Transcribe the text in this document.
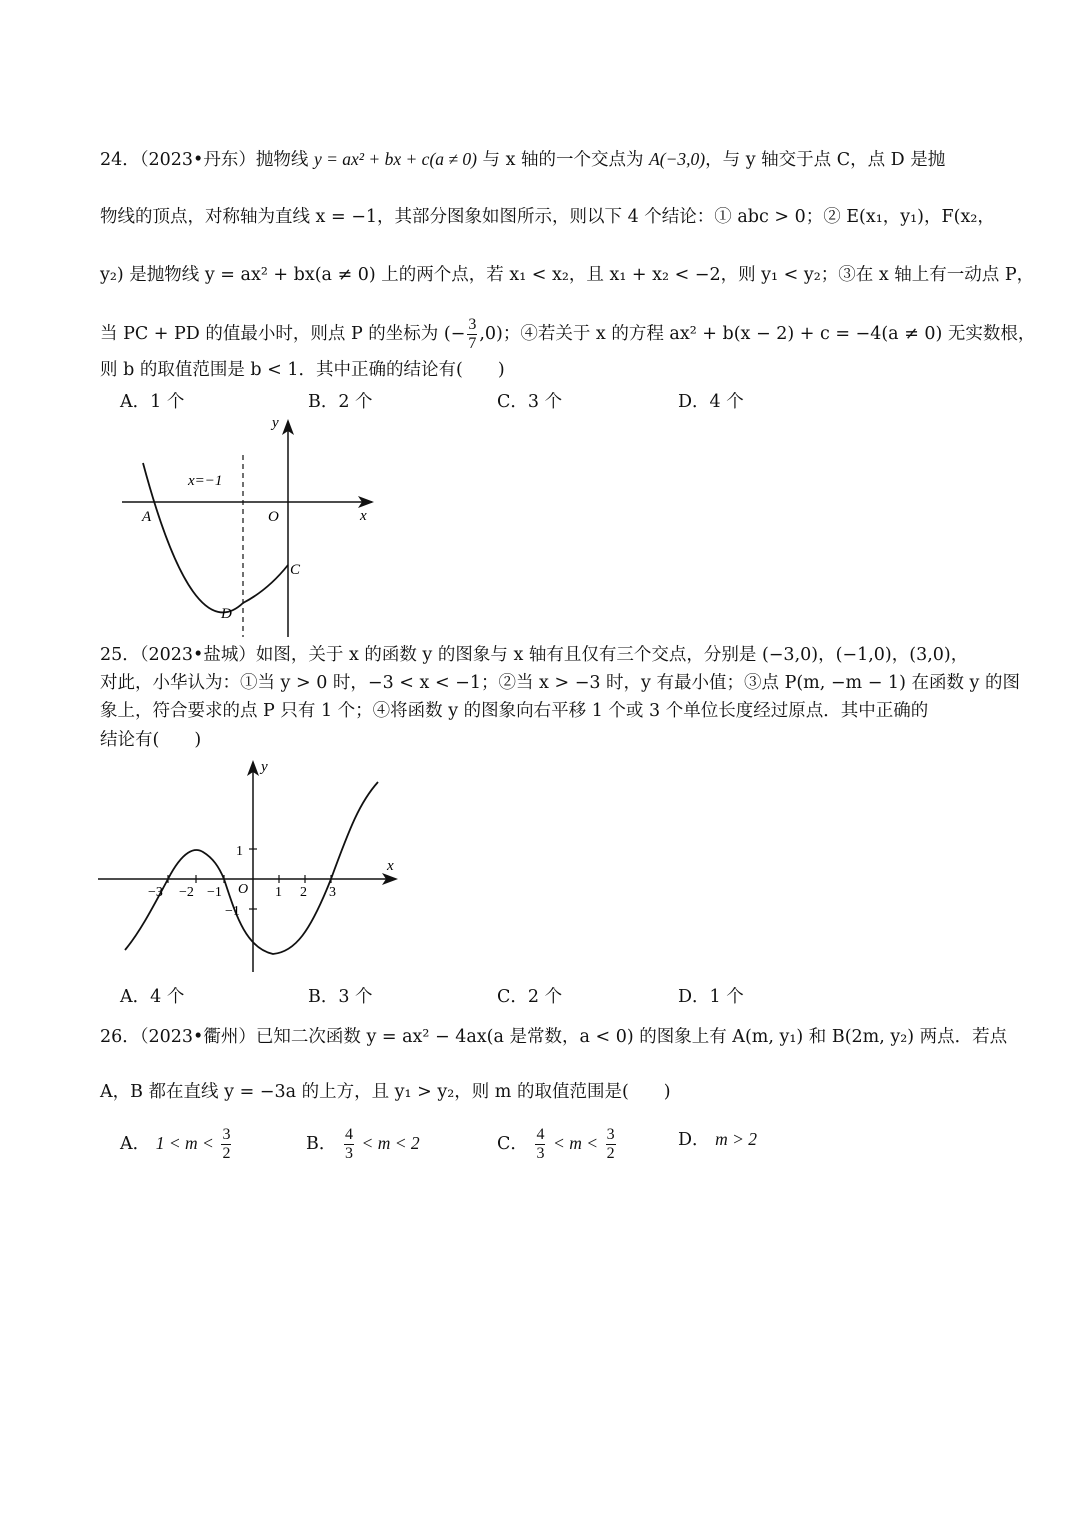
24．（2023•丹东）抛物线 y = ax² + bx + c(a ≠ 0) 与 x 轴的一个交点为 A(−3,0)，与 y 轴交于点 C，点 D 是抛
物线的顶点，对称轴为直线 x = −1，其部分图象如图所示，则以下 4 个结论：① abc > 0；② E(x₁，y₁)，F(x₂，
y₂) 是抛物线 y = ax² + bx(a ≠ 0) 上的两个点，若 x₁ < x₂，且 x₁ + x₂ < −2，则 y₁ < y₂；③在 x 轴上有一动点 P，
当 PC + PD 的值最小时，则点 P 的坐标为 (− $\frac{3}{7} ,0$)；④若关于 x 的方程 ax² + b(x − 2) + c = −4(a ≠ 0) 无实数根，
则 b 的取值范围是 b < 1．其中正确的结论有(　　)
A．1 个	B．2 个	C．3 个	D．4 个
y
x
O
x=−1
A
C
D
25．（2023•盐城）如图，关于 x 的函数 y 的图象与 x 轴有且仅有三个交点，分别是 (−3,0)，(−1,0)，(3,0)，
对此，小华认为：①当 y > 0 时，−3 < x < −1；②当 x > −3 时，y 有最小值；③点 P(m, −m − 1) 在函数 y 的图
象上，符合要求的点 P 只有 1 个；④将函数 y 的图象向右平移 1 个或 3 个单位长度经过原点．其中正确的
结论有(　　)
y
x
O
1
−1
−3 −2 −1	1 2 3
A．4 个	B．3 个	C．2 个	D．1 个
26．（2023•衢州）已知二次函数 y = ax² − 4ax(a 是常数，a < 0) 的图象上有 A(m, y₁) 和 B(2m, y₂) 两点．若点
A，B 都在直线 y = −3a 的上方，且 y₁ > y₂，则 m 的取值范围是(　　)
A． $1 < m < \frac{3}{2}$	B． $\frac{4}{3} < m < 2$	C． $\frac{4}{3} < m < \frac{3}{2}$	D． m > 2
